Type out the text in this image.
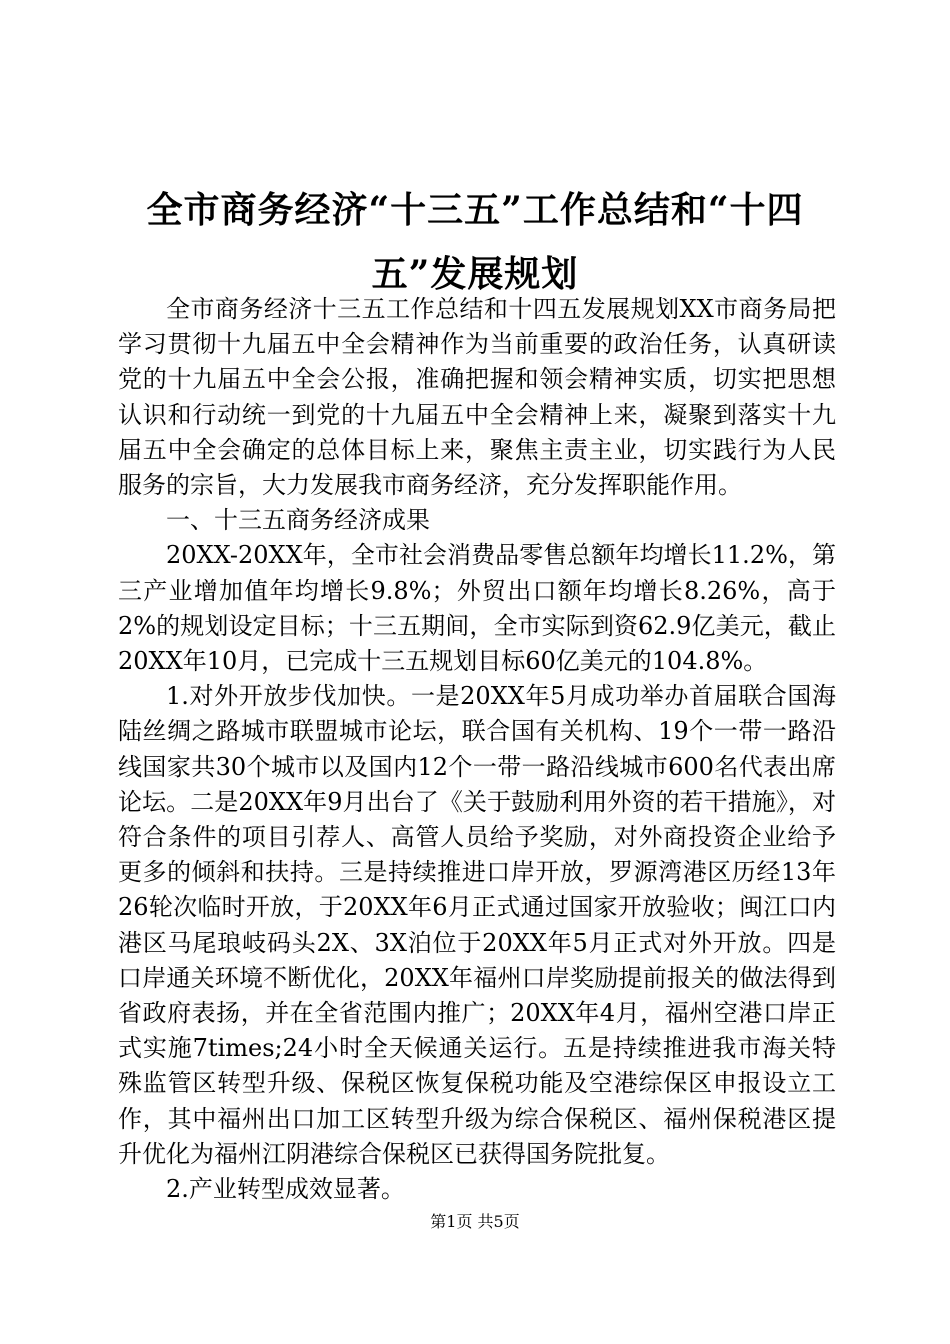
全市商务经济“十三五”工作总结和“十四五”发展规划

全市商务经济十三五工作总结和十四五发展规划XX市商务局把学习贯彻十九届五中全会精神作为当前重要的政治任务，认真研读党的十九届五中全会公报，准确把握和领会精神实质，切实把思想认识和行动统一到党的十九届五中全会精神上来，凝聚到落实十九届五中全会确定的总体目标上来，聚焦主责主业，切实践行为人民服务的宗旨，大力发展我市商务经济，充分发挥职能作用。

一、十三五商务经济成果

20XX-20XX年，全市社会消费品零售总额年均增长11.2%，第三产业增加值年均增长9.8%；外贸出口额年均增长8.26%，高于2%的规划设定目标；十三五期间，全市实际到资62.9亿美元，截止20XX年10月，已完成十三五规划目标60亿美元的104.8%。

1.对外开放步伐加快。一是20XX年5月成功举办首届联合国海陆丝绸之路城市联盟城市论坛，联合国有关机构、19个一带一路沿线国家共30个城市以及国内12个一带一路沿线城市600名代表出席论坛。二是20XX年9月出台了《关于鼓励利用外资的若干措施》，对符合条件的项目引荐人、高管人员给予奖励，对外商投资企业给予更多的倾斜和扶持。三是持续推进口岸开放，罗源湾港区历经13年26轮次临时开放，于20XX年6月正式通过国家开放验收；闽江口内港区马尾琅岐码头2X、3X泊位于20XX年5月正式对外开放。四是口岸通关环境不断优化，20XX年福州口岸奖励提前报关的做法得到省政府表扬，并在全省范围内推广；20XX年4月，福州空港口岸正式实施7times;24小时全天候通关运行。五是持续推进我市海关特殊监管区转型升级、保税区恢复保税功能及空港综保区申报设立工作，其中福州出口加工区转型升级为综合保税区、福州保税港区提升优化为福州江阴港综合保税区已获得国务院批复。

2.产业转型成效显著。

第1页 共5页
